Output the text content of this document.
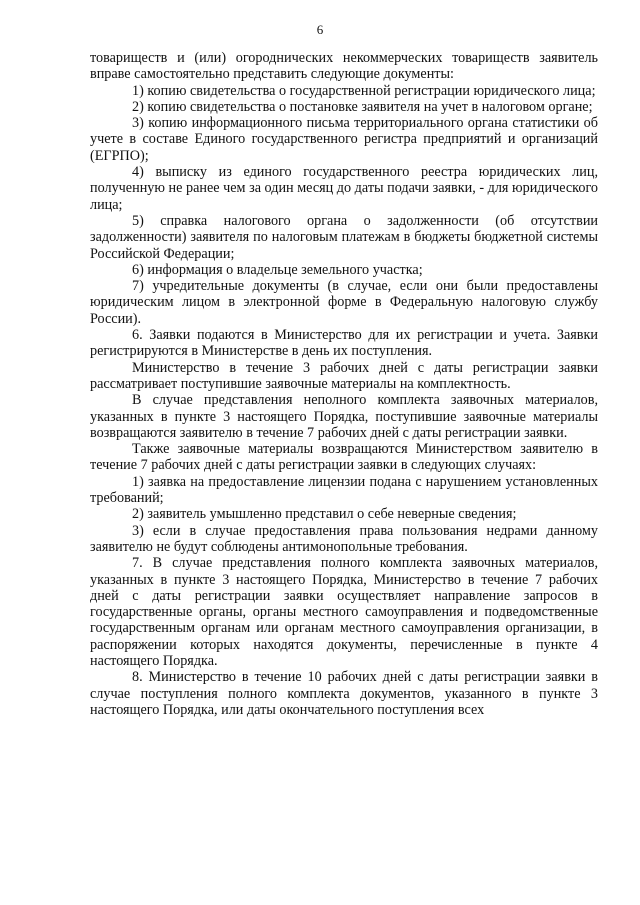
6

товариществ и (или) огороднических некоммерческих товариществ заявитель вправе самостоятельно представить следующие документы:

1) копию свидетельства о государственной регистрации юридического лица;

2) копию свидетельства о постановке заявителя на учет в налоговом органе;

3) копию информационного письма территориального органа статистики об учете в составе Единого государственного регистра предприятий и организаций (ЕГРПО);

4) выписку из единого государственного реестра юридических лиц, полученную не ранее чем за один месяц до даты подачи заявки, - для юридического лица;

5) справка налогового органа о задолженности (об отсутствии задолженности) заявителя по налоговым платежам в бюджеты бюджетной системы Российской Федерации;

6) информация о владельце земельного участка;

7) учредительные документы (в случае, если они были предоставлены юридическим лицом в электронной форме в Федеральную налоговую службу России).

6. Заявки подаются в Министерство для их регистрации и учета. Заявки регистрируются в Министерстве в день их поступления.

Министерство в течение 3 рабочих дней с даты регистрации заявки рассматривает поступившие заявочные материалы на комплектность.

В случае представления неполного комплекта заявочных материалов, указанных в пункте 3 настоящего Порядка, поступившие заявочные материалы возвращаются заявителю в течение 7 рабочих дней с даты регистрации заявки.

Также заявочные материалы возвращаются Министерством заявителю в течение 7 рабочих дней с даты регистрации заявки в следующих случаях:

1) заявка на предоставление лицензии подана с нарушением установленных требований;

2) заявитель умышленно представил о себе неверные сведения;

3) если в случае предоставления права пользования недрами данному заявителю не будут соблюдены антимонопольные требования.

7. В случае представления полного комплекта заявочных материалов, указанных в пункте 3 настоящего Порядка, Министерство в течение 7 рабочих дней с даты регистрации заявки осуществляет направление запросов в государственные органы, органы местного самоуправления и подведомственные государственным органам или органам местного самоуправления организации, в распоряжении которых находятся документы, перечисленные в пункте 4 настоящего Порядка.

8. Министерство в течение 10 рабочих дней с даты регистрации заявки в случае поступления полного комплекта документов, указанного в пункте 3 настоящего Порядка, или даты окончательного поступления всех
